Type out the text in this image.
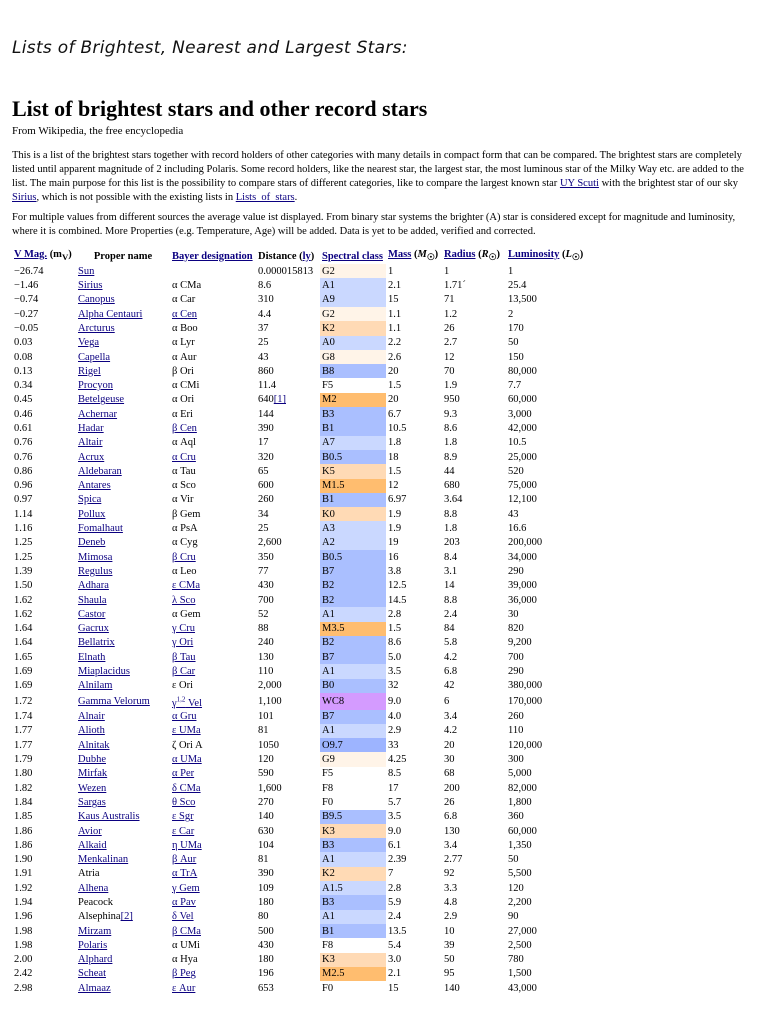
Lists of Brightest, Nearest and Largest Stars:
List of brightest stars and other record stars
From Wikipedia, the free encyclopedia
This is a list of the brightest stars together with record holders of other categories with many details in compact form that can be compared. The brightest stars are completely listed until apparent magnitude of 2 including Polaris. Some record holders, like the nearest star, the largest star, the most luminous star of the Milky Way etc. are added to the list. The main purpose for this list is the possibility to compare stars of different categories, like to compare the largest known star UY Scuti with the brightest star of our sky Sirius, which is not possible with the existing lists in Lists_of_stars.
For multiple values from different sources the average value ist displayed. From binary star systems the brighter (A) star is considered except for magnitude and luminosity, where it is combined. More Properties (e.g. Temperature, Age) will be added. Data is yet to be added, verified and corrected.
V Mag. $(m_V)$	Proper name	Bayer designation	Distance (ly)	Spectral class	Mass $(M_☉)$	Radius $(R_☉)$	Luminosity $(L_☉)$
−26.74	Sun		0.000015813	G2	1	1	1
−1.46	Sirius	α CMa	8.6	A1	2.1	1.71´	25.4
−0.74	Canopus	α Car	310	A9	15	71	13,500
−0.27	Alpha Centauri	α Cen	4.4	G2	1.1	1.2	2
−0.05	Arcturus	α Boo	37	K2	1.1	26	170
0.03	Vega	α Lyr	25	A0	2.2	2.7	50
0.08	Capella	α Aur	43	G8	2.6	12	150
0.13	Rigel	β Ori	860	B8	20	70	80,000
0.34	Procyon	α CMi	11.4	F5	1.5	1.9	7.7
0.45	Betelgeuse	α Ori	640[1]	M2	20	950	60,000
0.46	Achernar	α Eri	144	B3	6.7	9.3	3,000
0.61	Hadar	β Cen	390	B1	10.5	8.6	42,000
0.76	Altair	α Aql	17	A7	1.8	1.8	10.5
0.76	Acrux	α Cru	320	B0.5	18	8.9	25,000
0.86	Aldebaran	α Tau	65	K5	1.5	44	520
0.96	Antares	α Sco	600	M1.5	12	680	75,000
0.97	Spica	α Vir	260	B1	6.97	3.64	12,100
1.14	Pollux	β Gem	34	K0	1.9	8.8	43
1.16	Fomalhaut	α PsA	25	A3	1.9	1.8	16.6
1.25	Deneb	α Cyg	2,600	A2	19	203	200,000
1.25	Mimosa	β Cru	350	B0.5	16	8.4	34,000
1.39	Regulus	α Leo	77	B7	3.8	3.1	290
1.50	Adhara	ε CMa	430	B2	12.5	14	39,000
1.62	Shaula	λ Sco	700	B2	14.5	8.8	36,000
1.62	Castor	α Gem	52	A1	2.8	2.4	30
1.64	Gacrux	γ Cru	88	M3.5	1.5	84	820
1.64	Bellatrix	γ Ori	240	B2	8.6	5.8	9,200
1.65	Elnath	β Tau	130	B7	5.0	4.2	700
1.69	Miaplacidus	β Car	110	A1	3.5	6.8	290
1.69	Alnilam	ε Ori	2,000	B0	32	42	380,000
1.72	Gamma Velorum	γ$^{1,2}$ Vel	1,100	WC8	9.0	6	170,000
1.74	Alnair	α Gru	101	B7	4.0	3.4	260
1.77	Alioth	ε UMa	81	A1	2.9	4.2	110
1.77	Alnitak	ζ Ori A	1050	O9.7	33	20	120,000
1.79	Dubhe	α UMa	120	G9	4.25	30	300
1.80	Mirfak	α Per	590	F5	8.5	68	5,000
1.82	Wezen	δ CMa	1,600	F8	17	200	82,000
1.84	Sargas	θ Sco	270	F0	5.7	26	1,800
1.85	Kaus Australis	ε Sgr	140	B9.5	3.5	6.8	360
1.86	Avior	ε Car	630	K3	9.0	130	60,000
1.86	Alkaid	η UMa	104	B3	6.1	3.4	1,350
1.90	Menkalinan	β Aur	81	A1	2.39	2.77	50
1.91	Atria	α TrA	390	K2	7	92	5,500
1.92	Alhena	γ Gem	109	A1.5	2.8	3.3	120
1.94	Peacock	α Pav	180	B3	5.9	4.8	2,200
1.96	Alsephina[2]	δ Vel	80	A1	2.4	2.9	90
1.98	Mirzam	β CMa	500	B1	13.5	10	27,000
1.98	Polaris	α UMi	430	F8	5.4	39	2,500
2.00	Alphard	α Hya	180	K3	3.0	50	780
2.42	Scheat	β Peg	196	M2.5	2.1	95	1,500
2.98	Almaaz	ε Aur	653	F0	15	140	43,000
